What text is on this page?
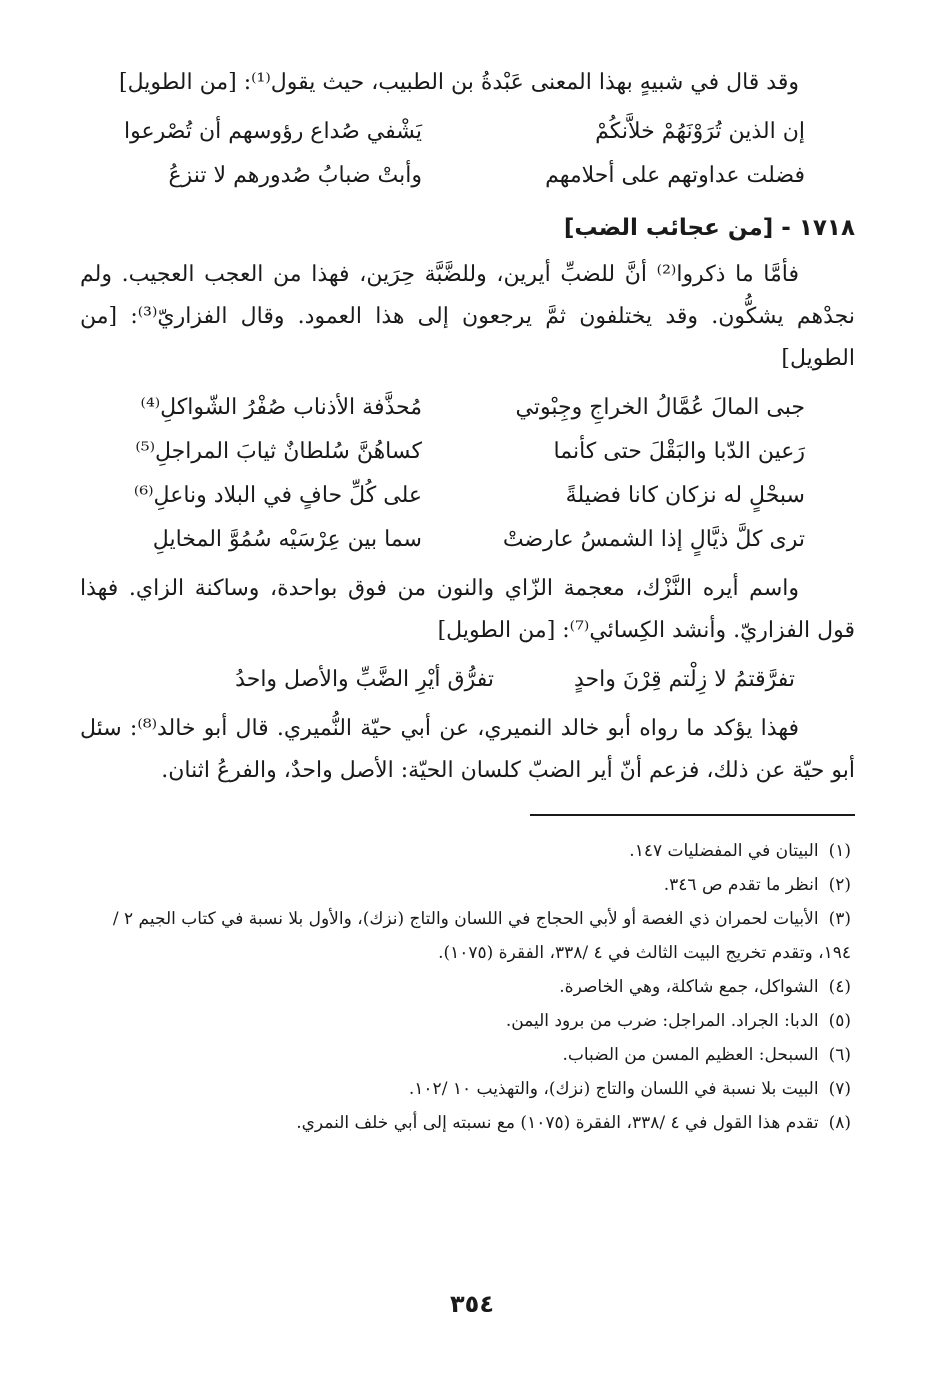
وقد قال في شبيهٍ بهذا المعنى عَبْدةُ بن الطبيب، حيث يقول⁽¹⁾: [من الطويل]

إن الذين تُرَوْنَهُمْ خلاَّنكُمْ
يَشْفي صُداع رؤوسهم أن تُصْرعوا
فضلت عداوتهم على أحلامهم
وأبتْ ضبابُ صُدورهم لا تنزعُ
١٧١٨ - [من عجائب الضب]

فأمَّا ما ذكروا⁽²⁾ أنَّ للضبِّ أيرين، وللضَّبَّة حِرَين، فهذا من العجب العجيب. ولم نجدْهم يشكُّون. وقد يختلفون ثمَّ يرجعون إلى هذا العمود. وقال الفزاريّ⁽³⁾: [من الطويل]

جبى المالَ عُمَّالُ الخراجِ وجِبْوتي
مُحذَّفة الأذناب صُفْرُ الشّواكلِ⁽⁴⁾
رَعين الدّبا والبَقْلَ حتى كأنما
كساهُنَّ سُلطانٌ ثيابَ المراجلِ⁽⁵⁾
سبحْلٍ له نزكان كانا فضيلةً
على كُلِّ حافٍ في البلاد وناعلِ⁽⁶⁾
ترى كلَّ ذيَّالٍ إذا الشمسُ عارضتْ
سما بين عِرْسَيْه سُمُوَّ المخايلِ

واسم أيره النَّزْك، معجمة الزّاي والنون من فوق بواحدة، وساكنة الزاي. فهذا قول الفزاريّ. وأنشد الكِسائي⁽⁷⁾: [من الطويل]

تفرَّقتمُ لا زِلْتم قِرْنَ واحدٍ
تفرُّق أيْرِ الضَّبِّ والأصل واحدُ

فهذا يؤكد ما رواه أبو خالد النميري، عن أبي حيّة النُّميري. قال أبو خالد⁽⁸⁾: سئل أبو حيّة عن ذلك، فزعم أنّ أير الضبّ كلسان الحيّة: الأصل واحدٌ، والفرعُ اثنان.

(١)البيتان في المفضليات ١٤٧.

(٢)انظر ما تقدم ص ٣٤٦.

(٣)الأبيات لحمران ذي الغصة أو لأبي الحجاج في اللسان والتاج (نزك)، والأول بلا نسبة في كتاب الجيم ٢ / ١٩٤، وتقدم تخريج البيت الثالث في ٤ /٣٣٨، الفقرة (١٠٧٥).

(٤)الشواكل، جمع شاكلة، وهي الخاصرة.

(٥)الدبا: الجراد. المراجل: ضرب من برود اليمن.

(٦)السبحل: العظيم المسن من الضباب.

(٧)البيت بلا نسبة في اللسان والتاج (نزك)، والتهذيب ١٠ /١٠٢.

(٨)تقدم هذا القول في ٤ /٣٣٨، الفقرة (١٠٧٥) مع نسبته إلى أبي خلف النمري.

٣٥٤
